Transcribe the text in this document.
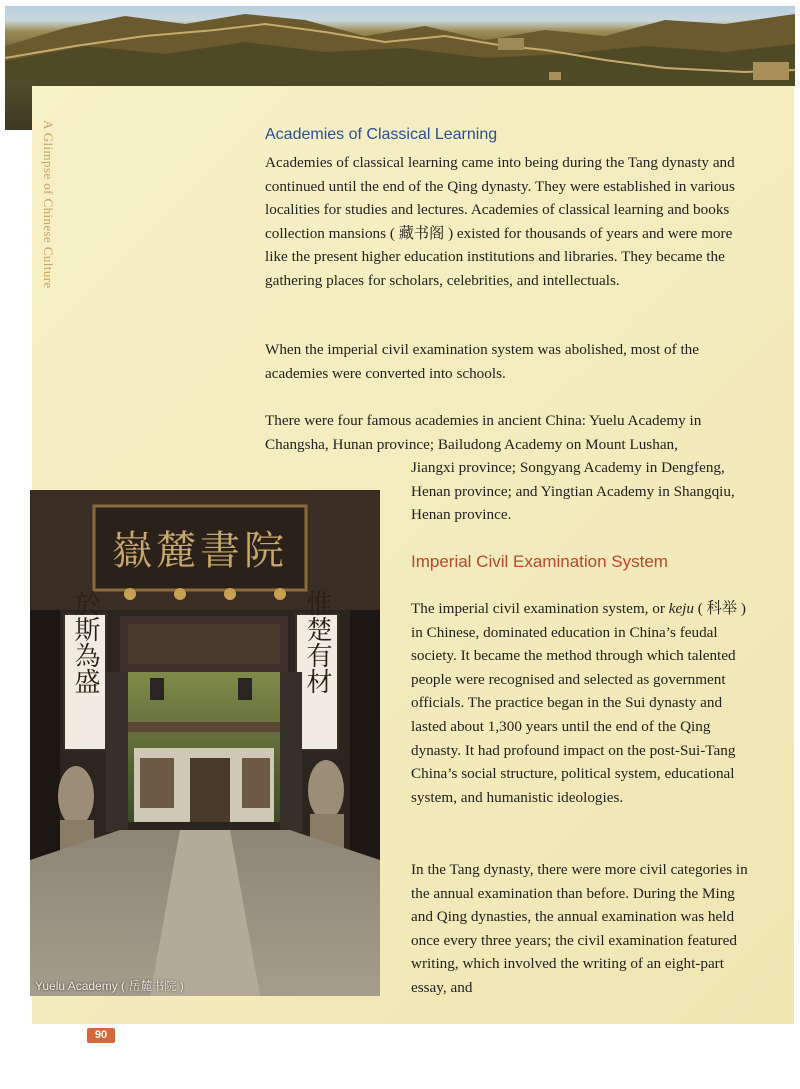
A Glimpse of Chinese Culture	Academies of Classical Learning

Academies of classical learning came into being during the Tang dynasty and continued until the end of the Qing dynasty. They were established in various localities for studies and lectures. Academies of classical learning and books collection mansions ( 藏书阁 ) existed for thousands of years and were more like the present higher education institutions and libraries. They became the gathering places for scholars, celebrities, and intellectuals.

When the imperial civil examination system was abolished, most of the academies were converted into schools.

There were four famous academies in ancient China: Yuelu Academy in Changsha, Hunan province; Bailudong Academy on Mount Lushan,

Jiangxi province; Songyang Academy in Dengfeng, Henan province; and Yingtian Academy in Shangqiu, Henan province.

Imperial Civil Examination System

The imperial civil examination system, or keju ( 科举 ) in Chinese, dominated education in China’s feudal society. It became the method through which talented people were recognised and selected as government officials. The practice began in the Sui dynasty and lasted about 1,300 years until the end of the Qing dynasty. It had profound impact on the post-Sui-Tang China’s social structure, political system, educational system, and humanistic ideologies.

In the Tang dynasty, there were more civil categories in the annual examination than before. During the Ming and Qing dynasties, the annual examination was held once every three years; the civil examination featured writing, which involved the writing of an eight-part essay, and

嶽麓書院
於斯為盛	惟楚有材

Yuelu Academy ( 岳麓书院 )

90
